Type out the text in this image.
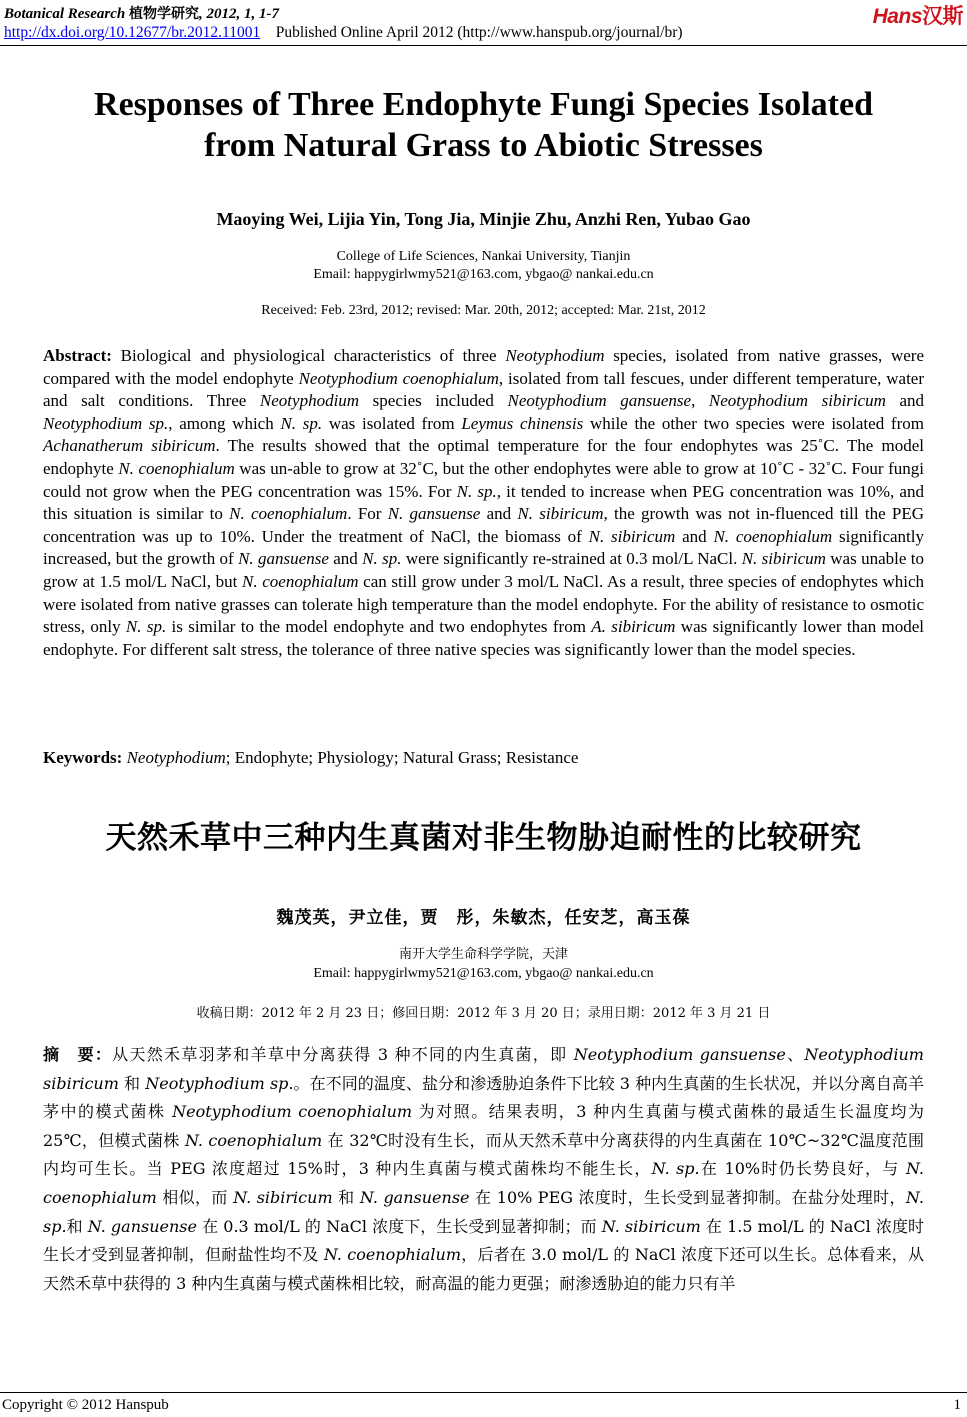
Botanical Research 植物学研究, 2012, 1, 1-7	Hans汉斯
http://dx.doi.org/10.12677/br.2012.11001 Published Online April 2012 (http://www.hanspub.org/journal/br)
Responses of Three Endophyte Fungi Species Isolated
from Natural Grass to Abiotic Stresses
Maoying Wei, Lijia Yin, Tong Jia, Minjie Zhu, Anzhi Ren, Yubao Gao
College of Life Sciences, Nankai University, Tianjin
Email: happygirlwmy521@163.com, ybgao@ nankai.edu.cn
Received: Feb. 23rd, 2012; revised: Mar. 20th, 2012; accepted: Mar. 21st, 2012
Abstract: Biological and physiological characteristics of three Neotyphodium species, isolated from native grasses, were compared with the model endophyte Neotyphodium coenophialum, isolated from tall fescues, under different temperature, water and salt conditions. Three Neotyphodium species included Neotyphodium gansuense, Neotyphodium sibiricum and Neotyphodium sp., among which N. sp. was isolated from Leymus chinensis while the other two species were isolated from Achanatherum sibiricum. The results showed that the optimal temperature for the four endophytes was 25˚C. The model endophyte N. coenophialum was un-able to grow at 32˚C, but the other endophytes were able to grow at 10˚C - 32˚C. Four fungi could not grow when the PEG concentration was 15%. For N. sp., it tended to increase when PEG concentration was 10%, and this situation is similar to N. coenophialum. For N. gansuense and N. sibiricum, the growth was not in-fluenced till the PEG concentration was up to 10%. Under the treatment of NaCl, the biomass of N. sibiricum and N. coenophialum significantly increased, but the growth of N. gansuense and N. sp. were significantly re-strained at 0.3 mol/L NaCl. N. sibiricum was unable to grow at 1.5 mol/L NaCl, but N. coenophialum can still grow under 3 mol/L NaCl. As a result, three species of endophytes which were isolated from native grasses can tolerate high temperature than the model endophyte. For the ability of resistance to osmotic stress, only N. sp. is similar to the model endophyte and two endophytes from A. sibiricum was significantly lower than model endophyte. For different salt stress, the tolerance of three native species was significantly lower than the model species.
Keywords: Neotyphodium; Endophyte; Physiology; Natural Grass; Resistance
天然禾草中三种内生真菌对非生物胁迫耐性的比较研究
魏茂英，尹立佳，贾　彤，朱敏杰，任安芝，高玉葆
南开大学生命科学学院，天津
Email: happygirlwmy521@163.com, ybgao@ nankai.edu.cn
收稿日期：2012 年 2 月 23 日；修回日期：2012 年 3 月 20 日；录用日期：2012 年 3 月 21 日
摘　要：从天然禾草羽茅和羊草中分离获得 3 种不同的内生真菌，即 Neotyphodium gansuense、Neotyphodium sibiricum 和 Neotyphodium sp.。在不同的温度、盐分和渗透胁迫条件下比较 3 种内生真菌的生长状况，并以分离自高羊茅中的模式菌株 Neotyphodium coenophialum 为对照。结果表明，3 种内生真菌与模式菌株的最适生长温度均为 25℃，但模式菌株 N. coenophialum 在 32℃时没有生长，而从天然禾草中分离获得的内生真菌在 10℃~32℃温度范围内均可生长。当 PEG 浓度超过 15%时，3 种内生真菌与模式菌株均不能生长，N. sp.在 10%时仍长势良好，与 N. coenophialum 相似，而 N. sibiricum 和 N. gansuense 在 10% PEG 浓度时，生长受到显著抑制。在盐分处理时，N. sp.和 N. gansuense 在 0.3 mol/L 的 NaCl 浓度下，生长受到显著抑制；而 N. sibiricum 在 1.5 mol/L 的 NaCl 浓度时生长才受到显著抑制，但耐盐性均不及 N. coenophialum，后者在 3.0 mol/L 的 NaCl 浓度下还可以生长。总体看来，从天然禾草中获得的 3 种内生真菌与模式菌株相比较，耐高温的能力更强；耐渗透胁迫的能力只有羊
Copyright © 2012 Hanspub	1
